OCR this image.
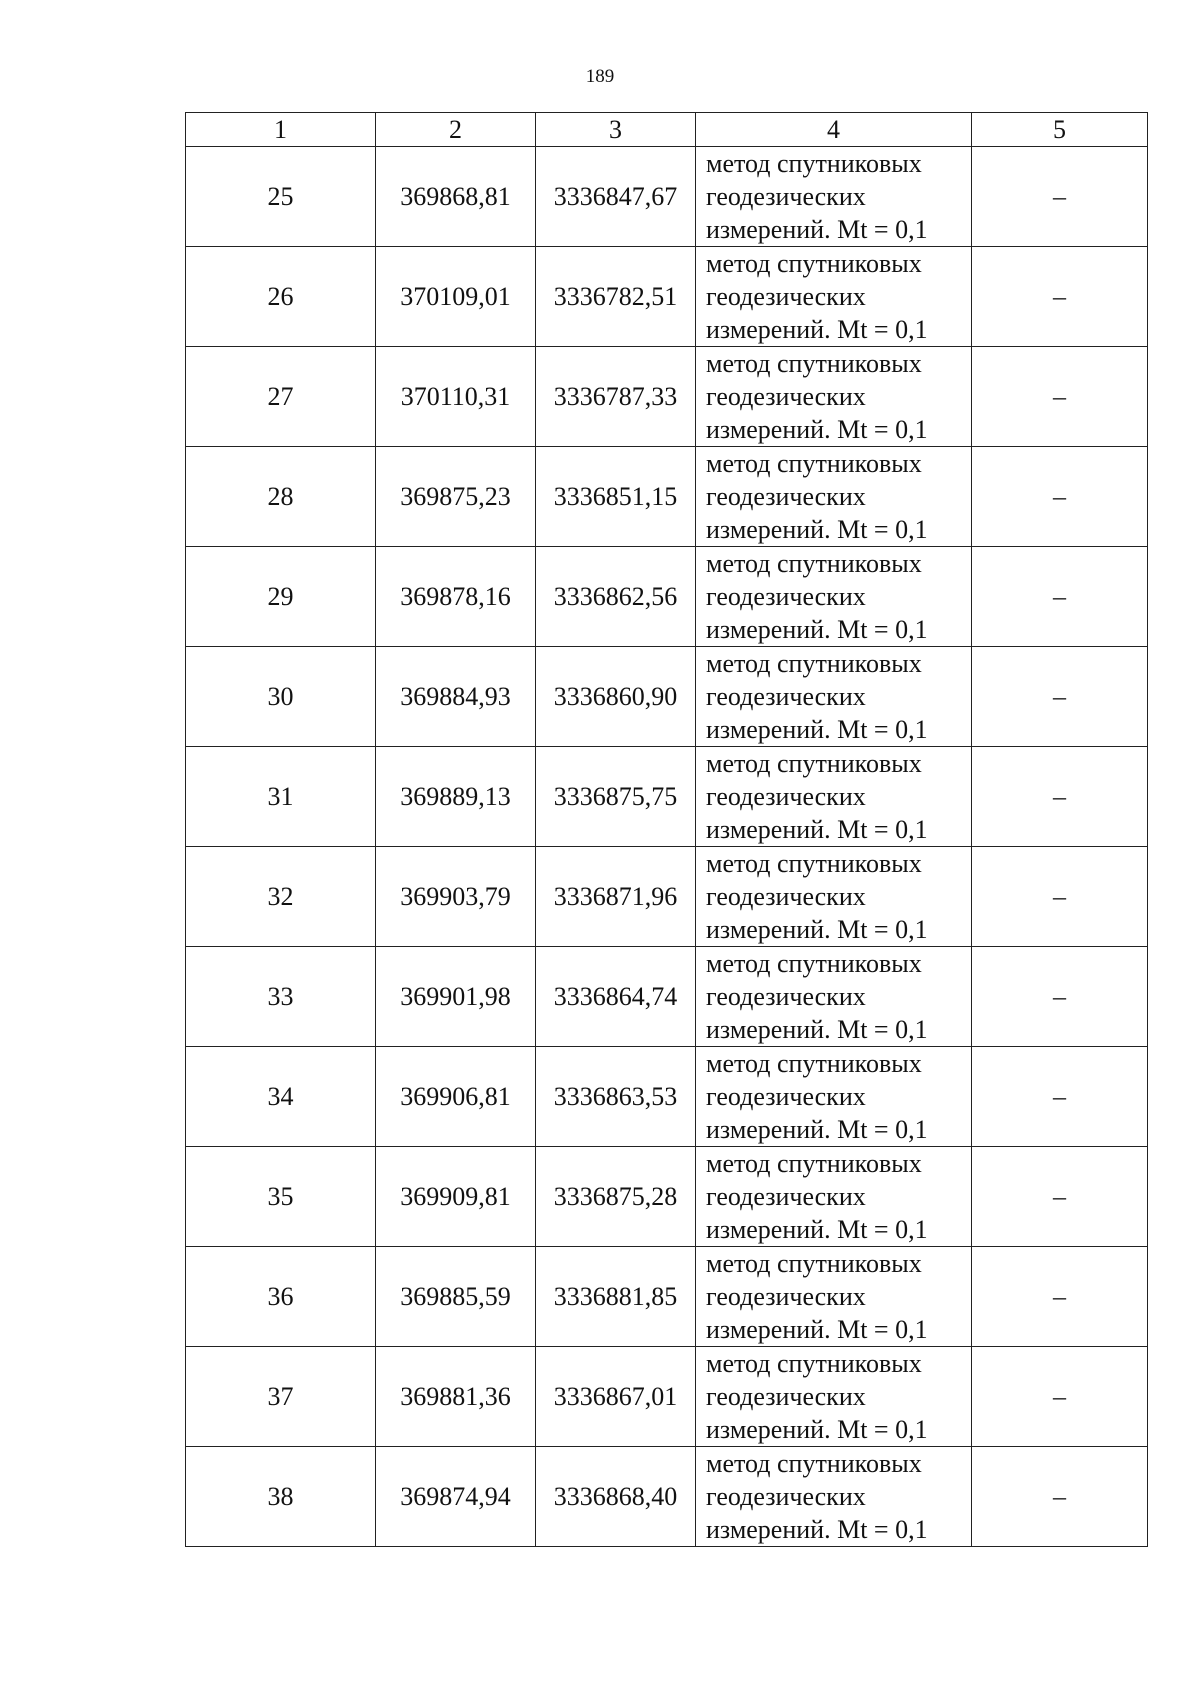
189
1	2	3	4	5
25	369868,81	3336847,67	метод спутниковых
геодезических
измерений. Mt = 0,1	–
26	370109,01	3336782,51	метод спутниковых
геодезических
измерений. Mt = 0,1	–
27	370110,31	3336787,33	метод спутниковых
геодезических
измерений. Mt = 0,1	–
28	369875,23	3336851,15	метод спутниковых
геодезических
измерений. Mt = 0,1	–
29	369878,16	3336862,56	метод спутниковых
геодезических
измерений. Mt = 0,1	–
30	369884,93	3336860,90	метод спутниковых
геодезических
измерений. Mt = 0,1	–
31	369889,13	3336875,75	метод спутниковых
геодезических
измерений. Mt = 0,1	–
32	369903,79	3336871,96	метод спутниковых
геодезических
измерений. Mt = 0,1	–
33	369901,98	3336864,74	метод спутниковых
геодезических
измерений. Mt = 0,1	–
34	369906,81	3336863,53	метод спутниковых
геодезических
измерений. Mt = 0,1	–
35	369909,81	3336875,28	метод спутниковых
геодезических
измерений. Mt = 0,1	–
36	369885,59	3336881,85	метод спутниковых
геодезических
измерений. Mt = 0,1	–
37	369881,36	3336867,01	метод спутниковых
геодезических
измерений. Mt = 0,1	–
38	369874,94	3336868,40	метод спутниковых
геодезических
измерений. Mt = 0,1	–
